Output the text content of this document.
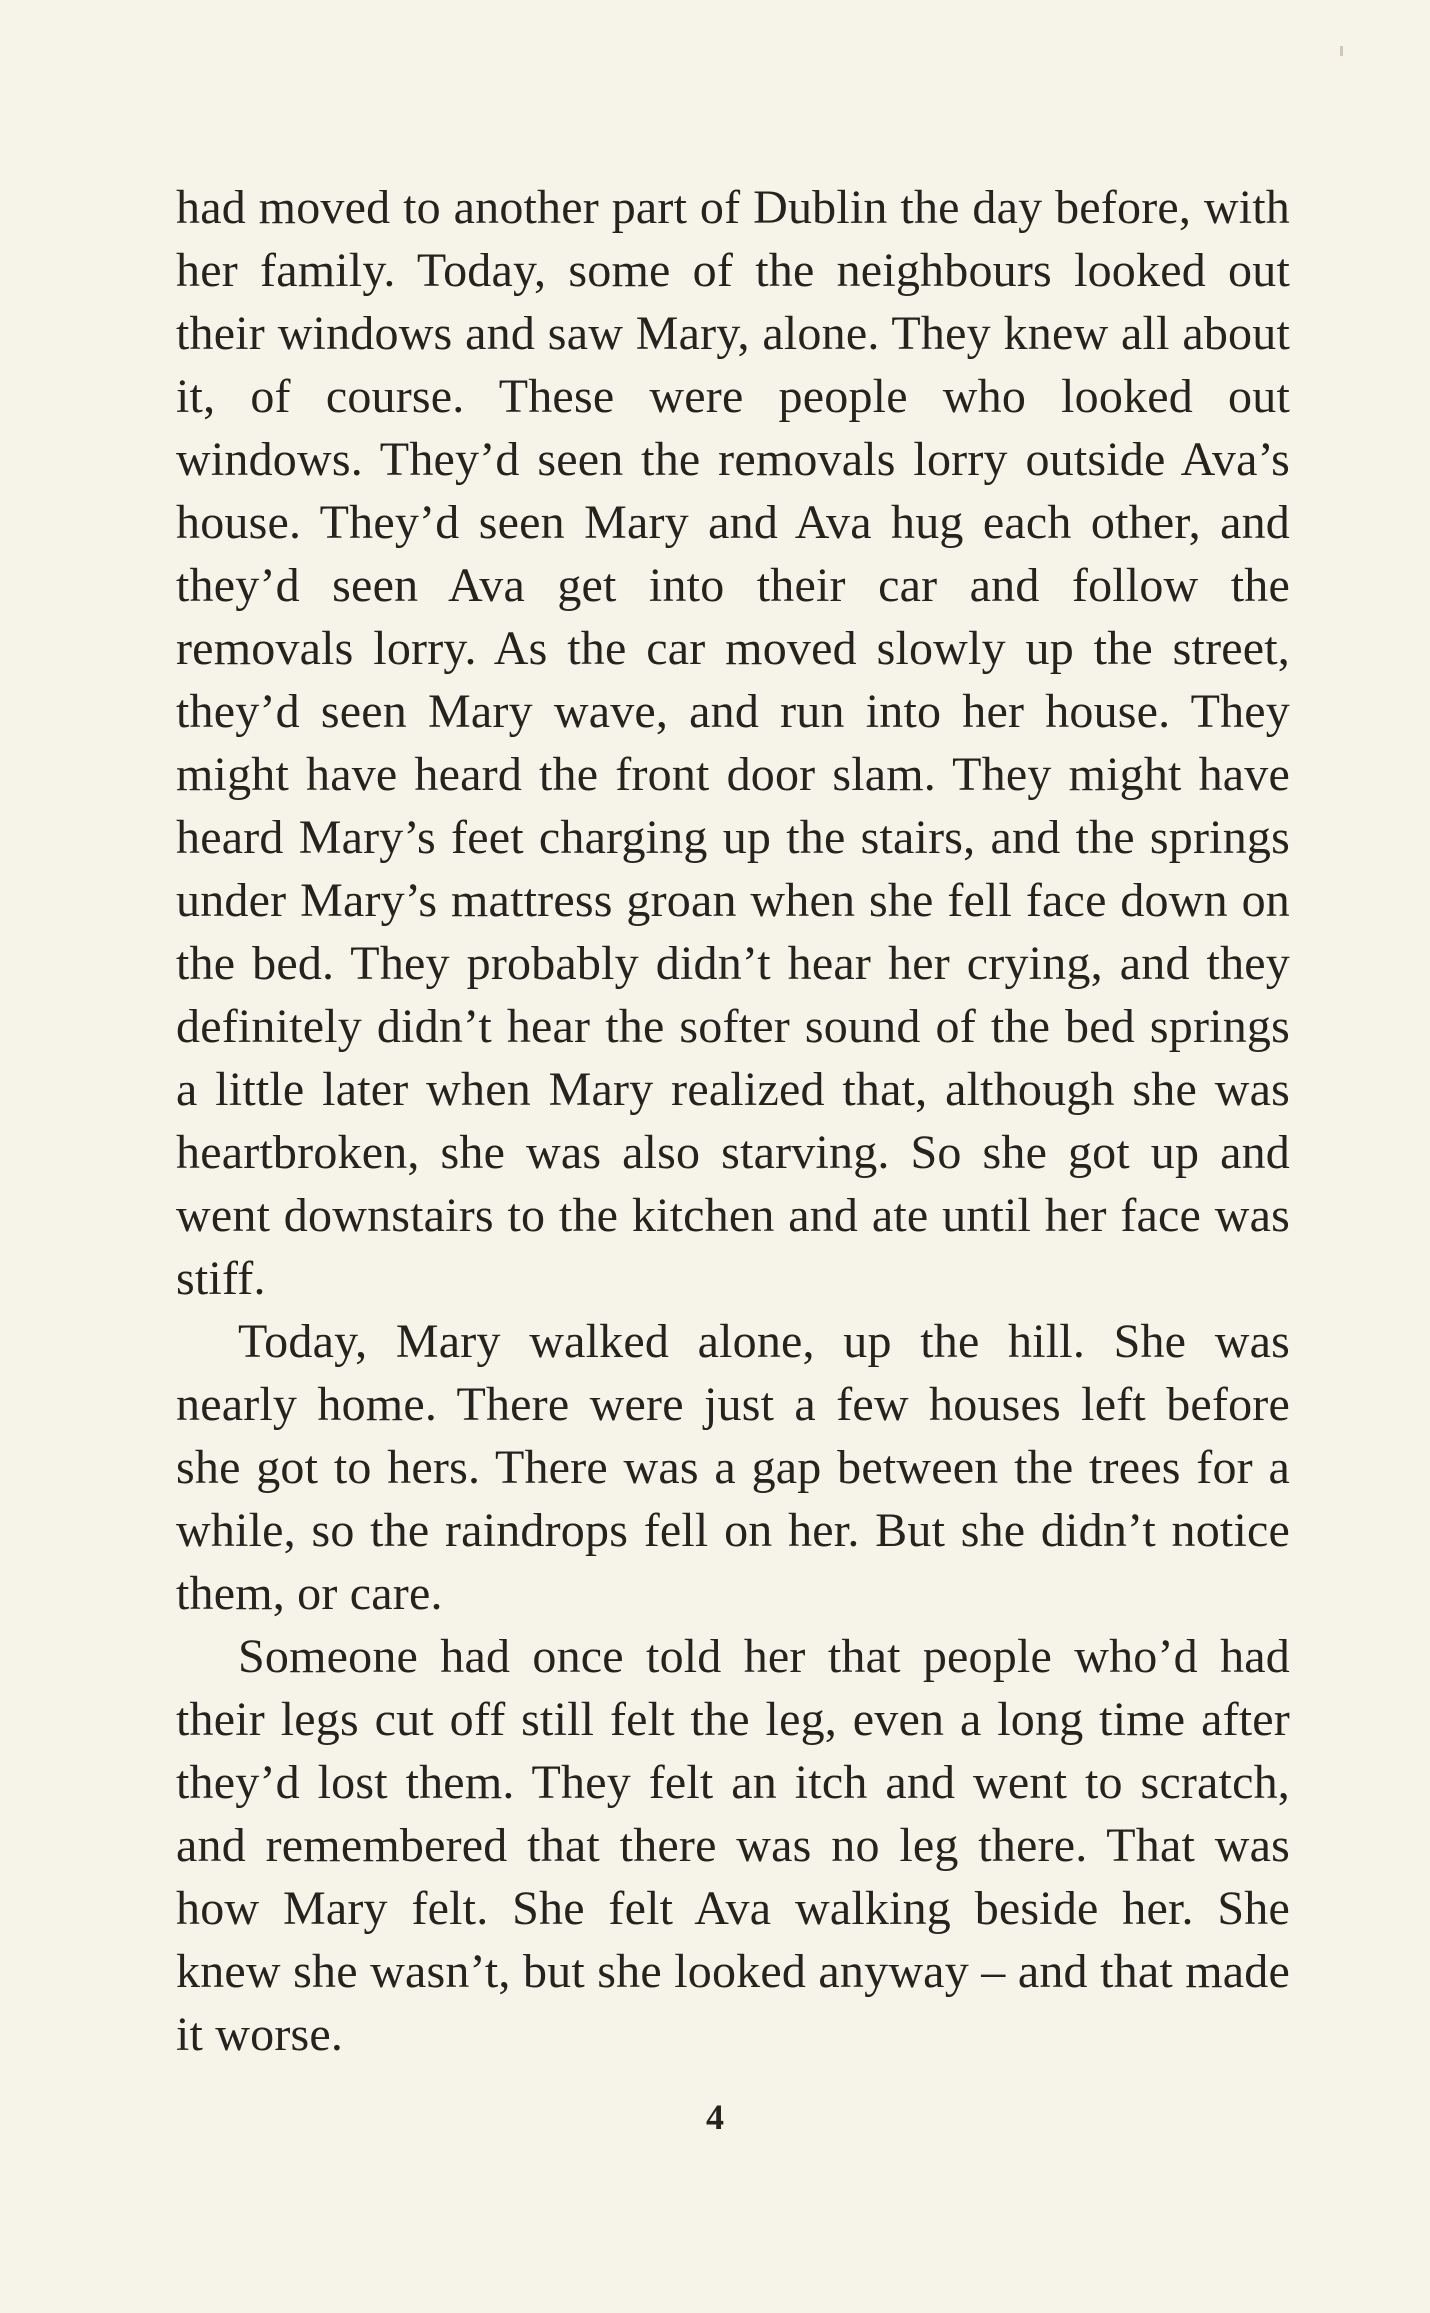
had moved to another part of Dublin the day before, with her family. Today, some of the neighbours looked out their windows and saw Mary, alone. They knew all about it, of course. These were people who looked out windows. They’d seen the removals lorry outside Ava’s house. They’d seen Mary and Ava hug each other, and they’d seen Ava get into their car and follow the removals lorry. As the car moved slowly up the street, they’d seen Mary wave, and run into her house. They might have heard the front door slam. They might have heard Mary’s feet charging up the stairs, and the springs under Mary’s mattress groan when she fell face down on the bed. They probably didn’t hear her crying, and they definitely didn’t hear the softer sound of the bed springs a little later when Mary realized that, although she was heartbroken, she was also starving. So she got up and went downstairs to the kitchen and ate until her face was stiff.

Today, Mary walked alone, up the hill. She was nearly home. There were just a few houses left before she got to hers. There was a gap between the trees for a while, so the raindrops fell on her. But she didn’t notice them, or care.

Someone had once told her that people who’d had their legs cut off still felt the leg, even a long time after they’d lost them. They felt an itch and went to scratch, and remembered that there was no leg there. That was how Mary felt. She felt Ava walking beside her. She knew she wasn’t, but she looked anyway – and that made it worse.

4
